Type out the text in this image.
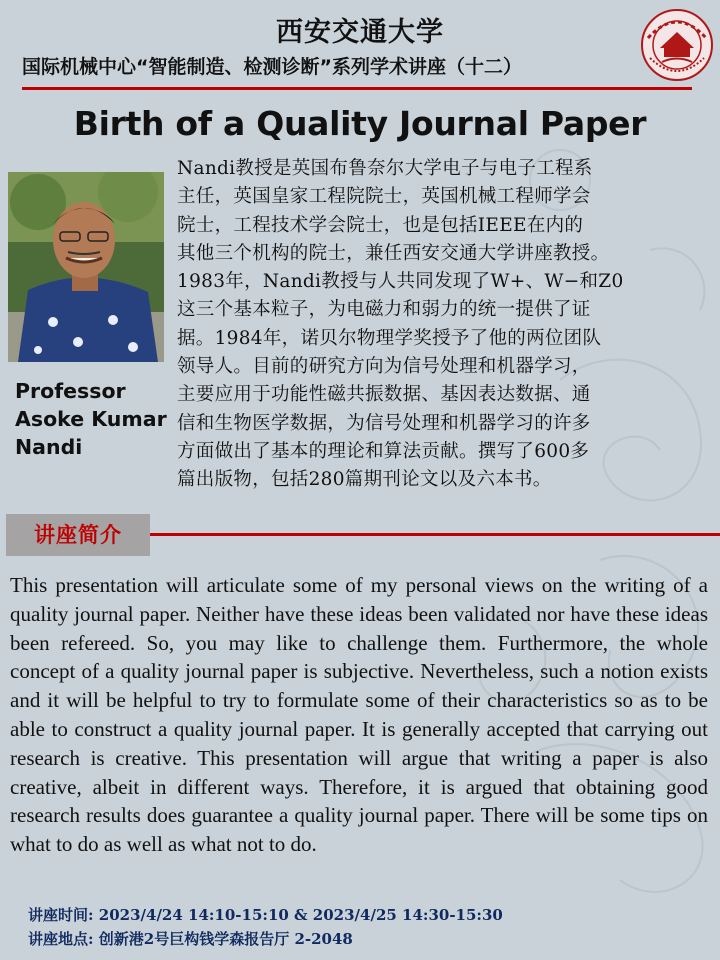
西安交通大学
国际机械中心“智能制造、检测诊断”系列学术讲座（十二）
Birth of a Quality Journal Paper
Professor
Asoke Kumar
Nandi
Nandi教授是英国布鲁奈尔大学电子与电子工程系
主任，英国皇家工程院院士，英国机械工程师学会
院士，工程技术学会院士，也是包括IEEE在内的
其他三个机构的院士，兼任西安交通大学讲座教授。
1983年，Nandi教授与人共同发现了W+、W−和Z0
这三个基本粒子，为电磁力和弱力的统一提供了证
据。1984年，诺贝尔物理学奖授予了他的两位团队
领导人。目前的研究方向为信号处理和机器学习，
主要应用于功能性磁共振数据、基因表达数据、通
信和生物医学数据，为信号处理和机器学习的许多
方面做出了基本的理论和算法贡献。撰写了600多
篇出版物，包括280篇期刊论文以及六本书。
讲座简介
This presentation will articulate some of my personal views on the writing of a quality journal paper. Neither have these ideas been validated nor have these ideas been refereed. So, you may like to challenge them. Furthermore, the whole concept of a quality journal paper is subjective. Nevertheless, such a notion exists and it will be helpful to try to formulate some of their characteristics so as to be able to construct a quality journal paper. It is generally accepted that carrying out research is creative. This presentation will argue that writing a paper is also creative, albeit in different ways. Therefore, it is argued that obtaining good research results does guarantee a quality journal paper. There will be some tips on what to do as well as what not to do.
讲座时间: 2023/4/24 14:10-15:10 & 2023/4/25 14:30-15:30
讲座地点: 创新港2号巨构钱学森报告厅 2-2048
